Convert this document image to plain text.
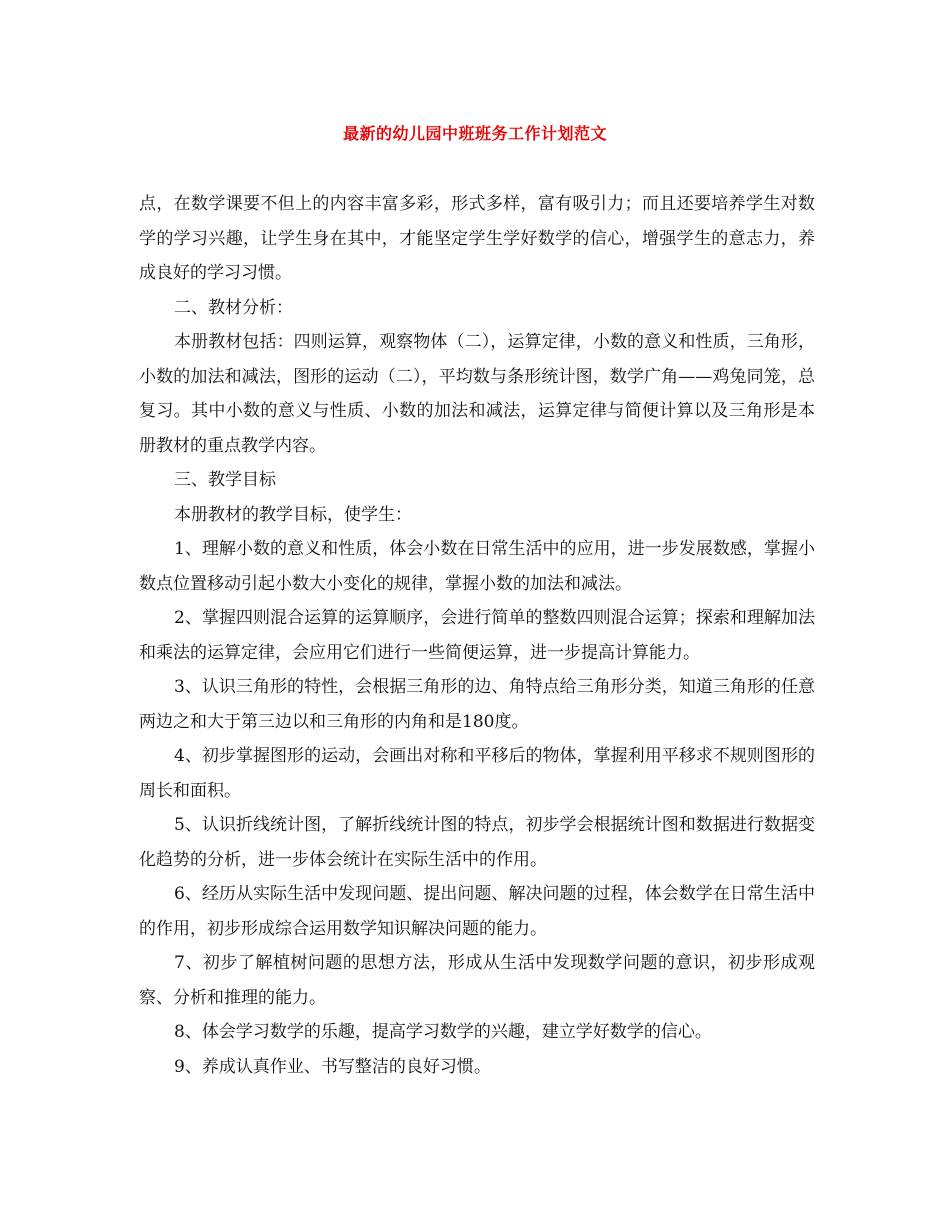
最新的幼儿园中班班务工作计划范文

点，在数学课要不但上的内容丰富多彩，形式多样，富有吸引力；而且还要培养学生对数学的学习兴趣，让学生身在其中，才能坚定学生学好数学的信心，增强学生的意志力，养成良好的学习习惯。

二、教材分析：

本册教材包括：四则运算，观察物体（二），运算定律，小数的意义和性质，三角形，小数的加法和减法，图形的运动（二），平均数与条形统计图，数学广角——鸡兔同笼，总复习。其中小数的意义与性质、小数的加法和减法，运算定律与简便计算以及三角形是本册教材的重点教学内容。

三、教学目标

本册教材的教学目标，使学生：

1、理解小数的意义和性质，体会小数在日常生活中的应用，进一步发展数感，掌握小数点位置移动引起小数大小变化的规律，掌握小数的加法和减法。

2、掌握四则混合运算的运算顺序，会进行简单的整数四则混合运算；探索和理解加法和乘法的运算定律，会应用它们进行一些简便运算，进一步提高计算能力。

3、认识三角形的特性，会根据三角形的边、角特点给三角形分类，知道三角形的任意两边之和大于第三边以和三角形的内角和是180度。

4、初步掌握图形的运动，会画出对称和平移后的物体，掌握利用平移求不规则图形的周长和面积。

5、认识折线统计图，了解折线统计图的特点，初步学会根据统计图和数据进行数据变化趋势的分析，进一步体会统计在实际生活中的作用。

6、经历从实际生活中发现问题、提出问题、解决问题的过程，体会数学在日常生活中的作用，初步形成综合运用数学知识解决问题的能力。

7、初步了解植树问题的思想方法，形成从生活中发现数学问题的意识，初步形成观察、分析和推理的能力。

8、体会学习数学的乐趣，提高学习数学的兴趣，建立学好数学的信心。

9、养成认真作业、书写整洁的良好习惯。
